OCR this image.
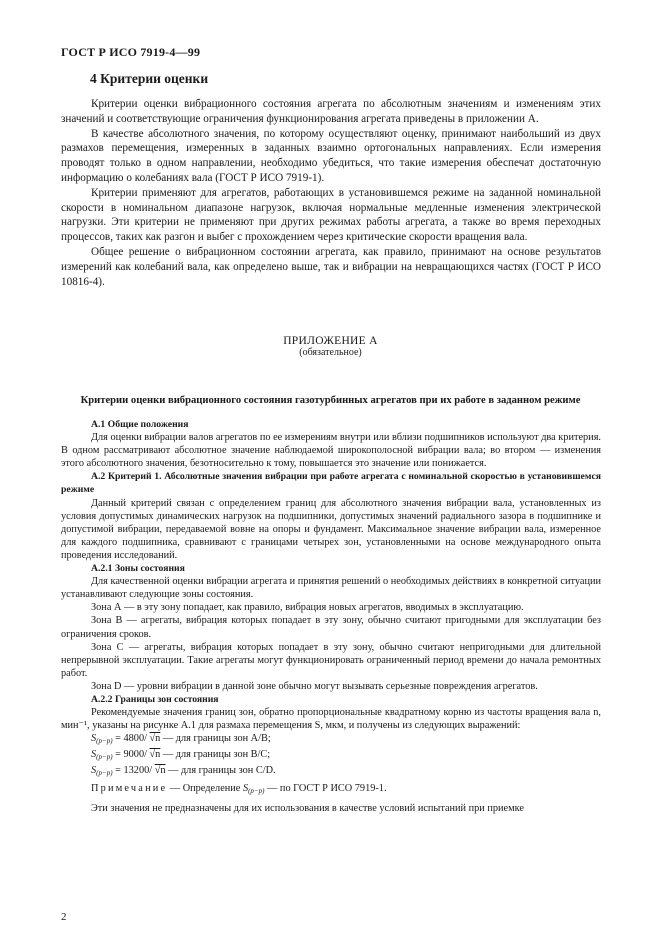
ГОСТ Р ИСО 7919-4—99
4 Критерии оценки

Критерии оценки вибрационного состояния агрегата по абсолютным значениям и изменениям этих значений и соответствующие ограничения функционирования агрегата приведены в приложении А.

В качестве абсолютного значения, по которому осуществляют оценку, принимают наибольший из двух размахов перемещения, измеренных в заданных взаимно ортогональных направлениях. Если измерения проводят только в одном направлении, необходимо убедиться, что такие измерения обеспечат достаточную информацию о колебаниях вала (ГОСТ Р ИСО 7919-1).

Критерии применяют для агрегатов, работающих в установившемся режиме на заданной номинальной скорости в номинальном диапазоне нагрузок, включая нормальные медленные изменения электрической нагрузки. Эти критерии не применяют при других режимах работы агрегата, а также во время переходных процессов, таких как разгон и выбег с прохождением через критические скорости вращения вала.

Общее решение о вибрационном состоянии агрегата, как правило, принимают на основе результатов измерений как колебаний вала, как определено выше, так и вибрации на невращающихся частях (ГОСТ Р ИСО 10816-4).

ПРИЛОЖЕНИЕ А
(обязательное)
Критерии оценки вибрационного состояния газотурбинных агрегатов при их работе в заданном режиме

А.1 Общие положения

Для оценки вибрации валов агрегатов по ее измерениям внутри или вблизи подшипников используют два критерия. В одном рассматривают абсолютное значение наблюдаемой широкополосной вибрации вала; во втором — изменения этого абсолютного значения, безотносительно к тому, повышается это значение или понижается.

А.2 Критерий 1. Абсолютные значения вибрации при работе агрегата с номинальной скоростью в установившемся режиме

Данный критерий связан с определением границ для абсолютного значения вибрации вала, установленных из условия допустимых динамических нагрузок на подшипники, допустимых значений радиального зазора в подшипнике и допустимой вибрации, передаваемой вовне на опоры и фундамент. Максимальное значение вибрации вала, измеренное для каждого подшипника, сравнивают с границами четырех зон, установленными на основе международного опыта проведения исследований.

А.2.1 Зоны состояния

Для качественной оценки вибрации агрегата и принятия решений о необходимых действиях в конкретной ситуации устанавливают следующие зоны состояния.

Зона А — в эту зону попадает, как правило, вибрация новых агрегатов, вводимых в эксплуатацию.

Зона В — агрегаты, вибрация которых попадает в эту зону, обычно считают пригодными для эксплуатации без ограничения сроков.

Зона С — агрегаты, вибрация которых попадает в эту зону, обычно считают непригодными для длительной непрерывной эксплуатации. Такие агрегаты могут функционировать ограниченный период времени до начала ремонтных работ.

Зона D — уровни вибрации в данной зоне обычно могут вызывать серьезные повреждения агрегатов.

А.2.2 Границы зон состояния

Рекомендуемые значения границ зон, обратно пропорциональные квадратному корню из частоты вращения вала n, мин⁻¹, указаны на рисунке А.1 для размаха перемещения S, мкм, и получены из следующих выражений:

S(p−p) = 4800/ √n — для границы зон А/В;

S(p−p) = 9000/ √n — для границы зон В/С;

S(p−p) = 13200/ √n — для границы зон С/D.

Примечание — Определение S(p−p) — по ГОСТ Р ИСО 7919-1.

Эти значения не предназначены для их использования в качестве условий испытаний при приемке

2
